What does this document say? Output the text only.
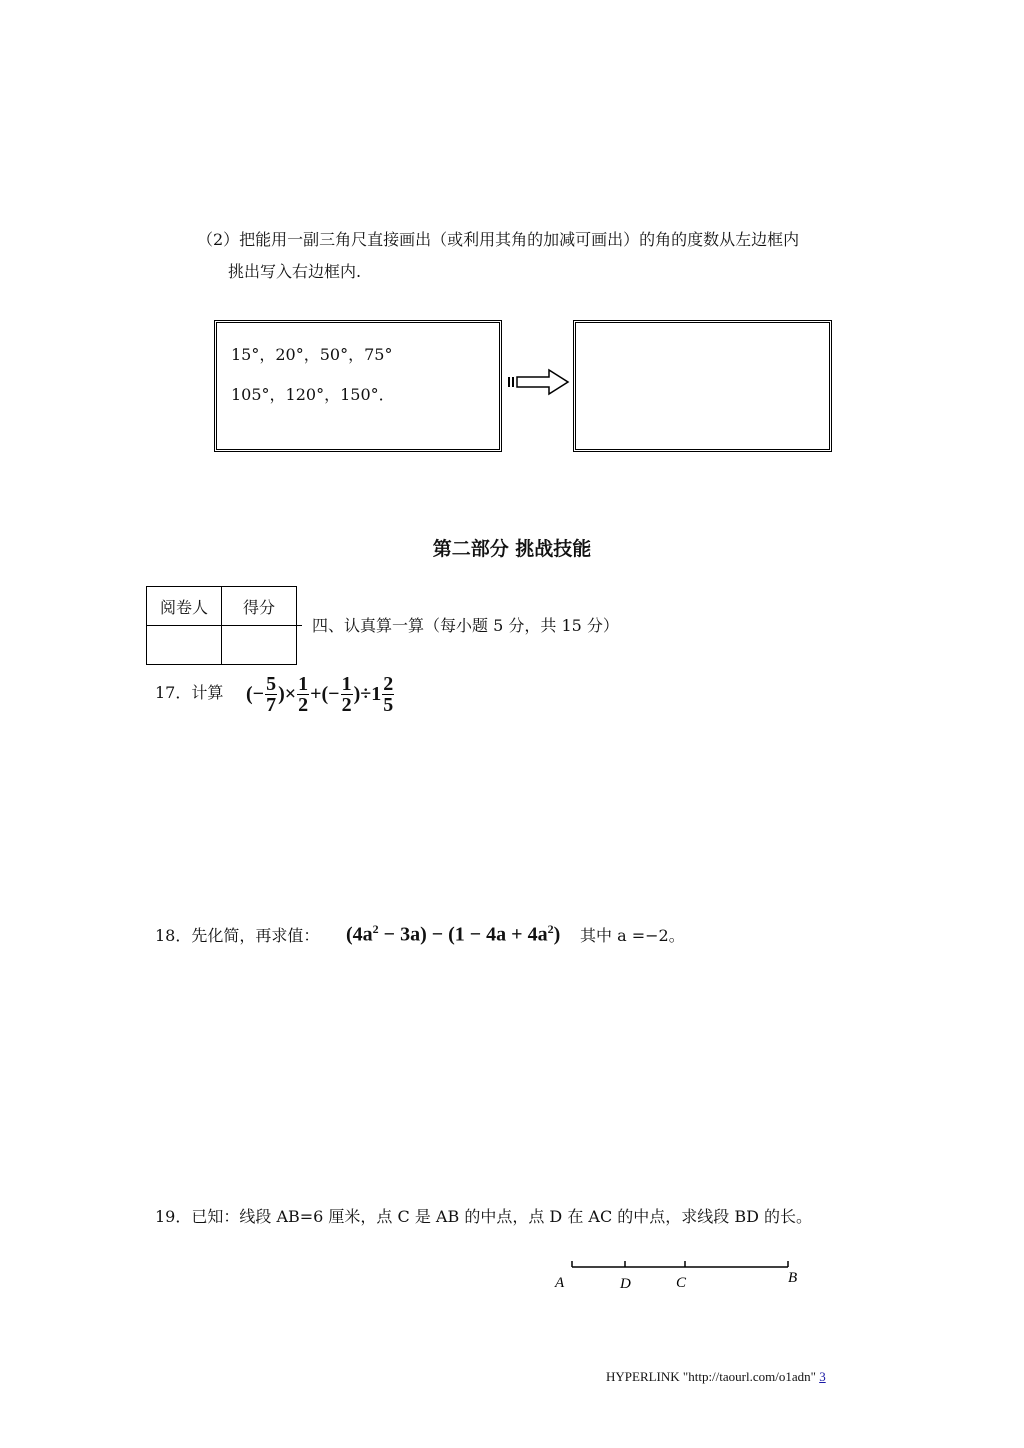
（2）把能用一副三角尺直接画出（或利用其角的加减可画出）的角的度数从左边框内
挑出写入右边框内.
15°，20°，50°，75°
105°，120°，150°．
第二部分 挑战技能
阅卷人	得分

四、认真算一算（每小题 5 分，共 15 分）
17．计算 (− $\frac{5}{7}$ )× $\frac{1}{2}$ +(− $\frac{1}{2} )\div 1 \frac{2}{5}$
18．先化简，再求值： $(4a^2 - 3a) - (1 - 4a + 4a^2)$ 其中 a =−2。
19．已知：线段 AB=6 厘米，点 C 是 AB 的中点，点 D 在 AC 的中点，求线段 BD 的长。
A	D	C	B
HYPERLINK "http://taourl.com/o1adn" 3
